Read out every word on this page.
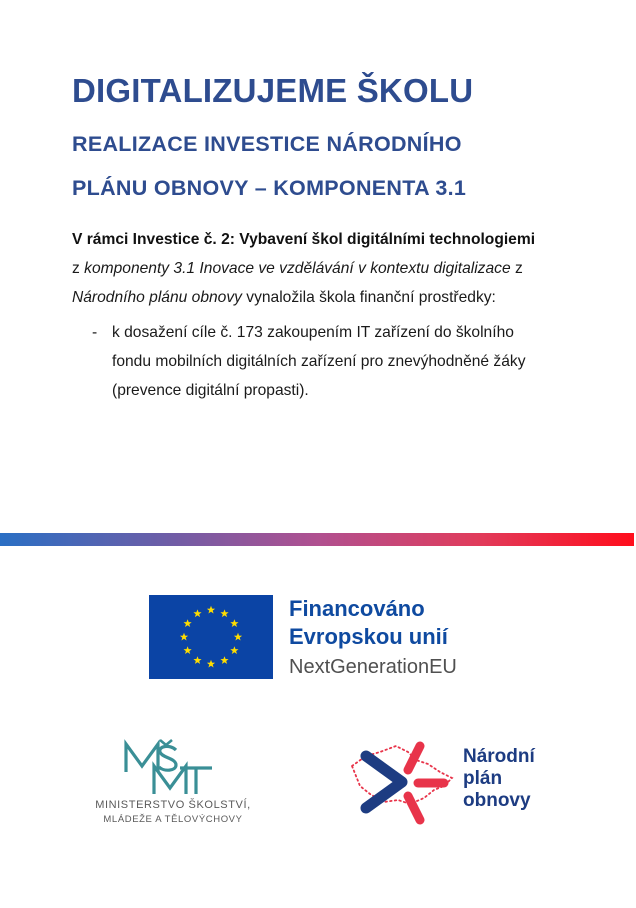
DIGITALIZUJEME ŠKOLU
REALIZACE INVESTICE NÁRODNÍHO
PLÁNU OBNOVY – KOMPONENTA 3.1
V rámci Investice č. 2: Vybavení škol digitálními technologiemi
z komponenty 3.1 Inovace ve vzdělávání v kontextu digitalizace z
Národního plánu obnovy vynaložila škola finanční prostředky:
- k dosažení cíle č. 173 zakoupením IT zařízení do školního
fondu mobilních digitálních zařízení pro znevýhodněné žáky
(prevence digitální propasti).
Financováno
Evropskou unií
NextGenerationEU
MINISTERSTVO ŠKOLSTVÍ,
MLÁDEŽE A TĚLOVÝCHOVY
Národní
plán
obnovy
